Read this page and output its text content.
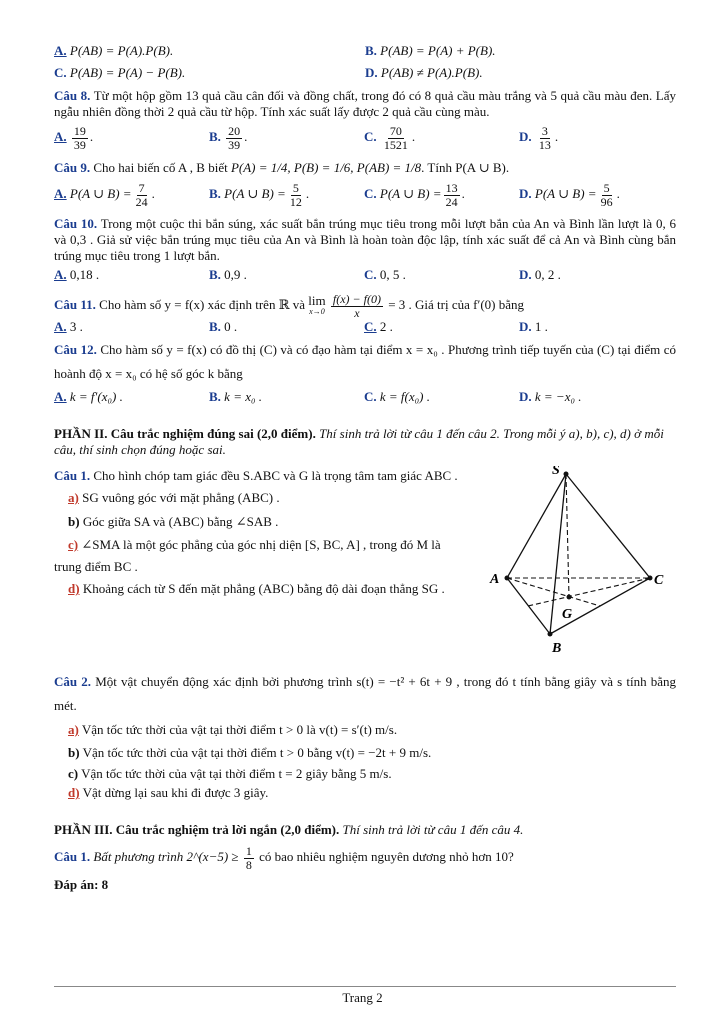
A. P(AB) = P(A).P(B).	B. P(AB) = P(A) + P(B).
C. P(AB) = P(A) − P(B).	D. P(AB) ≠ P(A).P(B).
Câu 8. Từ một hộp gồm 13 quả cầu cân đối và đồng chất, trong đó có 8 quả cầu màu trắng và 5 quả cầu màu đen. Lấy ngẫu nhiên đồng thời 2 quả cầu từ hộp. Tính xác suất lấy được 2 quả cầu cùng màu.
A. $\frac{19}{39}$ .	B. $\frac{20}{39}$ .	C. $\frac{70}{1521}$ .	D. $\frac{3}{13}$ .
Câu 9. Cho hai biến cố A , B biết P(A) = 1/4, P(B) = 1/6, P(AB) = 1/8. Tính P(A ∪ B).
A. P(A ∪ $B) = \frac{7}{24}$ .	B. P(A ∪ $B) = \frac{5}{12}$ .	C. P(A ∪ $B) = \frac{13}{24}$ .	D. P(A ∪ $B) = \frac{5}{96}$ .
Câu 10. Trong một cuộc thi bắn súng, xác suất bắn trúng mục tiêu trong mỗi lượt bắn của An và Bình lần lượt là 0, 6 và 0,3 . Giả sử việc bắn trúng mục tiêu của An và Bình là hoàn toàn độc lập, tính xác suất để cả An và Bình cùng bắn trúng mục tiêu trong 1 lượt bắn.
A. 0,18 .	B. 0,9 .	C. 0, 5 .	D. 0, 2 .
Câu 11. Cho hàm số y = f(x) xác định trên ℝ và lim
x→0
$\frac{f(x) - f(0)}{x} = 3$ . Giá trị của f′(0) bằng
A. 3 .	B. 0 .	C. 2 .	D. 1 .
Câu 12. Cho hàm số y = f(x) có đồ thị (C) và có đạo hàm tại điểm x = x₀ . Phương trình tiếp tuyến của (C) tại điểm có hoành độ x = x₀ có hệ số góc k bằng
A. k = f′(x₀) .	B. k = x₀ .	C. k = f(x₀) .	D. k = −x₀ .
PHẦN II. Câu trắc nghiệm đúng sai (2,0 điểm). Thí sinh trả lời từ câu 1 đến câu 2. Trong mỗi ý a), b), c), d) ở mỗi câu, thí sinh chọn đúng hoặc sai.
Câu 1. Cho hình chóp tam giác đều S.ABC và G là trọng tâm tam giác ABC .
a) SG vuông góc với mặt phẳng (ABC) .
b) Góc giữa SA và (ABC) bằng ∠SAB .
c) ∠SMA là một góc phẳng của góc nhị diện [S, BC, A] , trong đó M là trung điểm BC .
d) Khoảng cách từ S đến mặt phẳng (ABC) bằng độ dài đoạn thẳng SG .
S
A
B
C
G
Câu 2. Một vật chuyển động xác định bởi phương trình s(t) = −t² + 6t + 9 , trong đó t tính bằng giây và s tính bằng mét.
a) Vận tốc tức thời của vật tại thời điểm t > 0 là v(t) = s′(t) m/s.
b) Vận tốc tức thời của vật tại thời điểm t > 0 bằng v(t) = −2t + 9 m/s.
c) Vận tốc tức thời của vật tại thời điểm t = 2 giây bằng 5 m/s.
d) Vật dừng lại sau khi đi được 3 giây.
PHẦN III. Câu trắc nghiệm trả lời ngắn (2,0 điểm). Thí sinh trả lời từ câu 1 đến câu 4.
Câu 1. Bất phương trình 2^(x−5) ≥ $\frac{1}{8}$ có bao nhiêu nghiệm nguyên dương nhỏ hơn 10?
Đáp án: 8
Trang 2
